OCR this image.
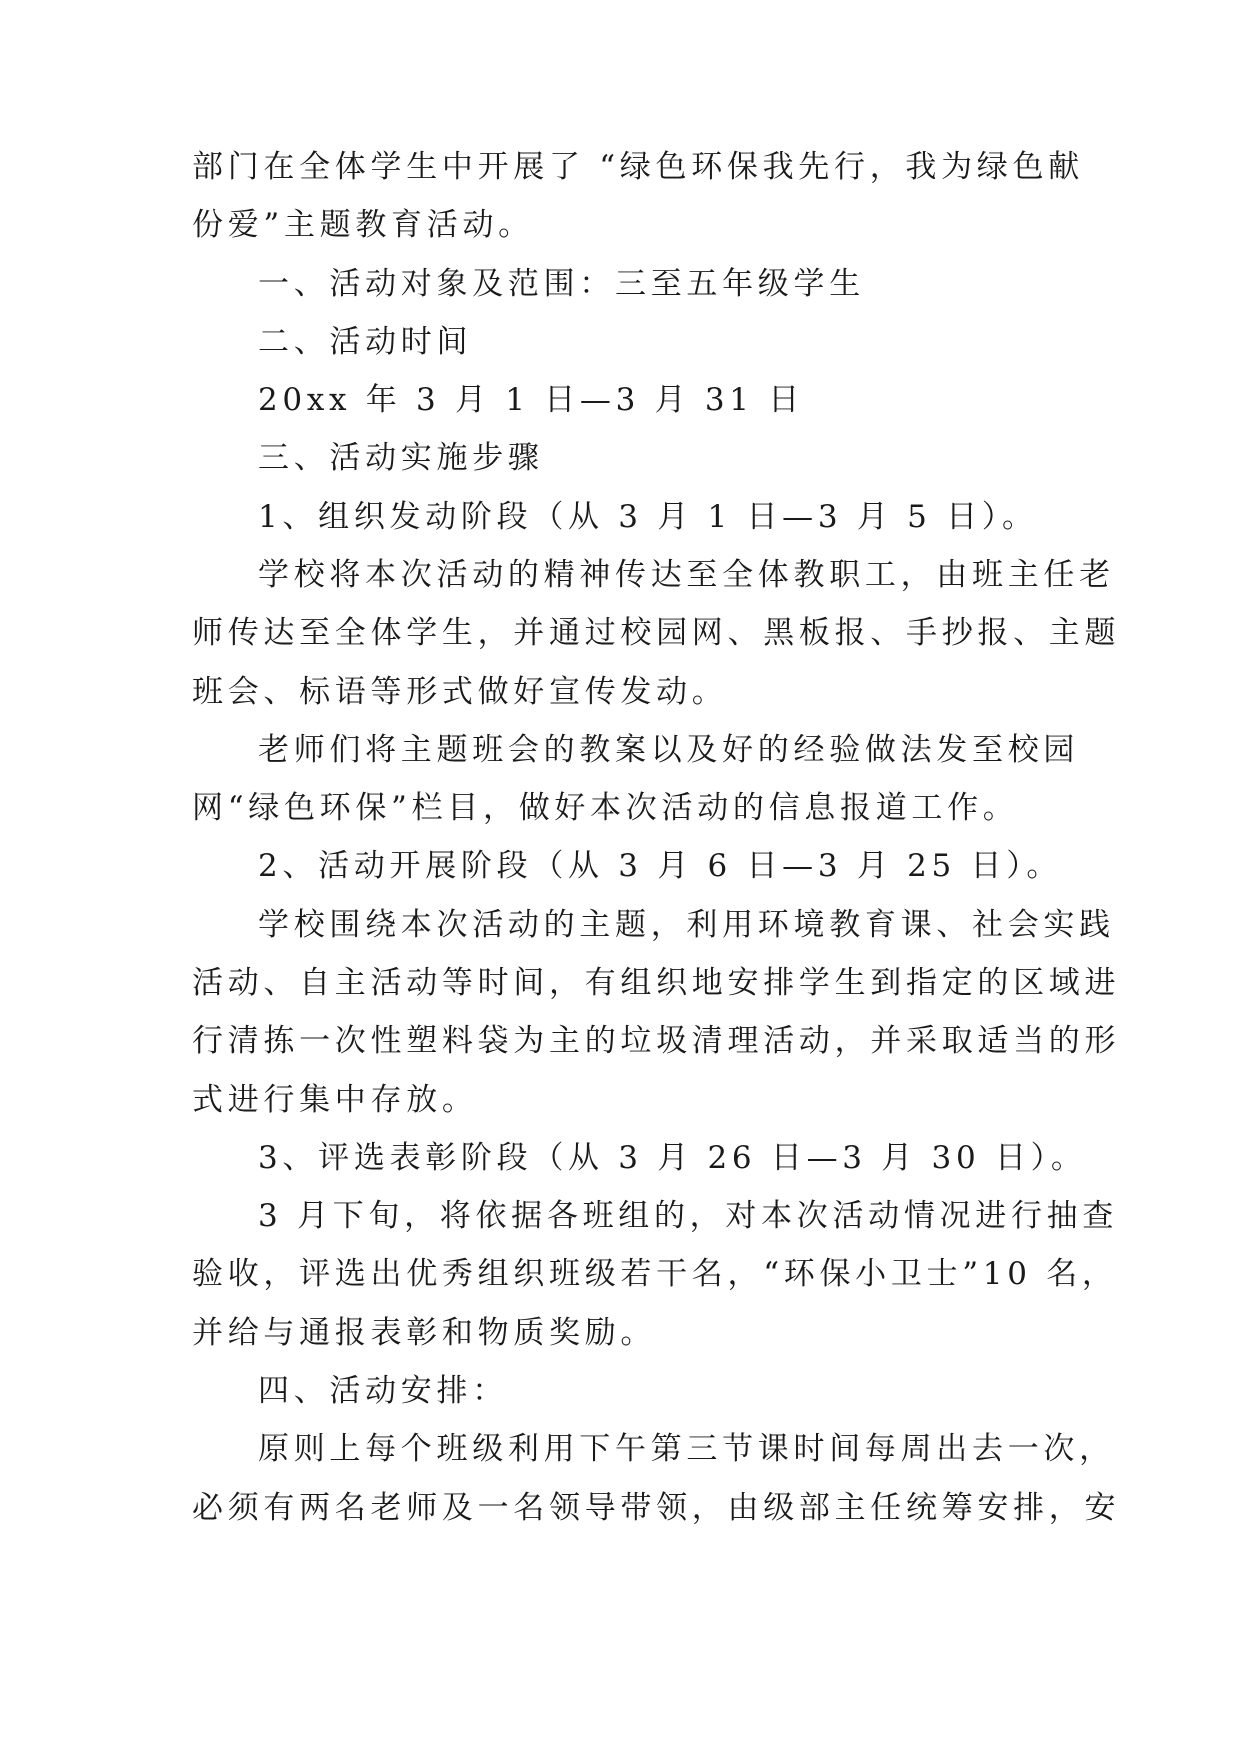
部门在全体学生中开展了 “绿色环保我先行，我为绿色献
份爱”主题教育活动。
一、活动对象及范围：三至五年级学生
二、活动时间
20xx 年 3 月 1 日—3 月 31 日
三、活动实施步骤
1、组织发动阶段（从 3 月 1 日—3 月 5 日）。
学校将本次活动的精神传达至全体教职工，由班主任老
师传达至全体学生，并通过校园网、黑板报、手抄报、主题
班会、标语等形式做好宣传发动。
老师们将主题班会的教案以及好的经验做法发至校园
网“绿色环保”栏目，做好本次活动的信息报道工作。
2、活动开展阶段（从 3 月 6 日—3 月 25 日）。
学校围绕本次活动的主题，利用环境教育课、社会实践
活动、自主活动等时间，有组织地安排学生到指定的区域进
行清拣一次性塑料袋为主的垃圾清理活动，并采取适当的形
式进行集中存放。
3、评选表彰阶段（从 3 月 26 日—3 月 30 日）。
3 月下旬，将依据各班组的，对本次活动情况进行抽查
验收，评选出优秀组织班级若干名，“环保小卫士”10 名，
并给与通报表彰和物质奖励。
四、活动安排：
原则上每个班级利用下午第三节课时间每周出去一次，
必须有两名老师及一名领导带领，由级部主任统筹安排，安
